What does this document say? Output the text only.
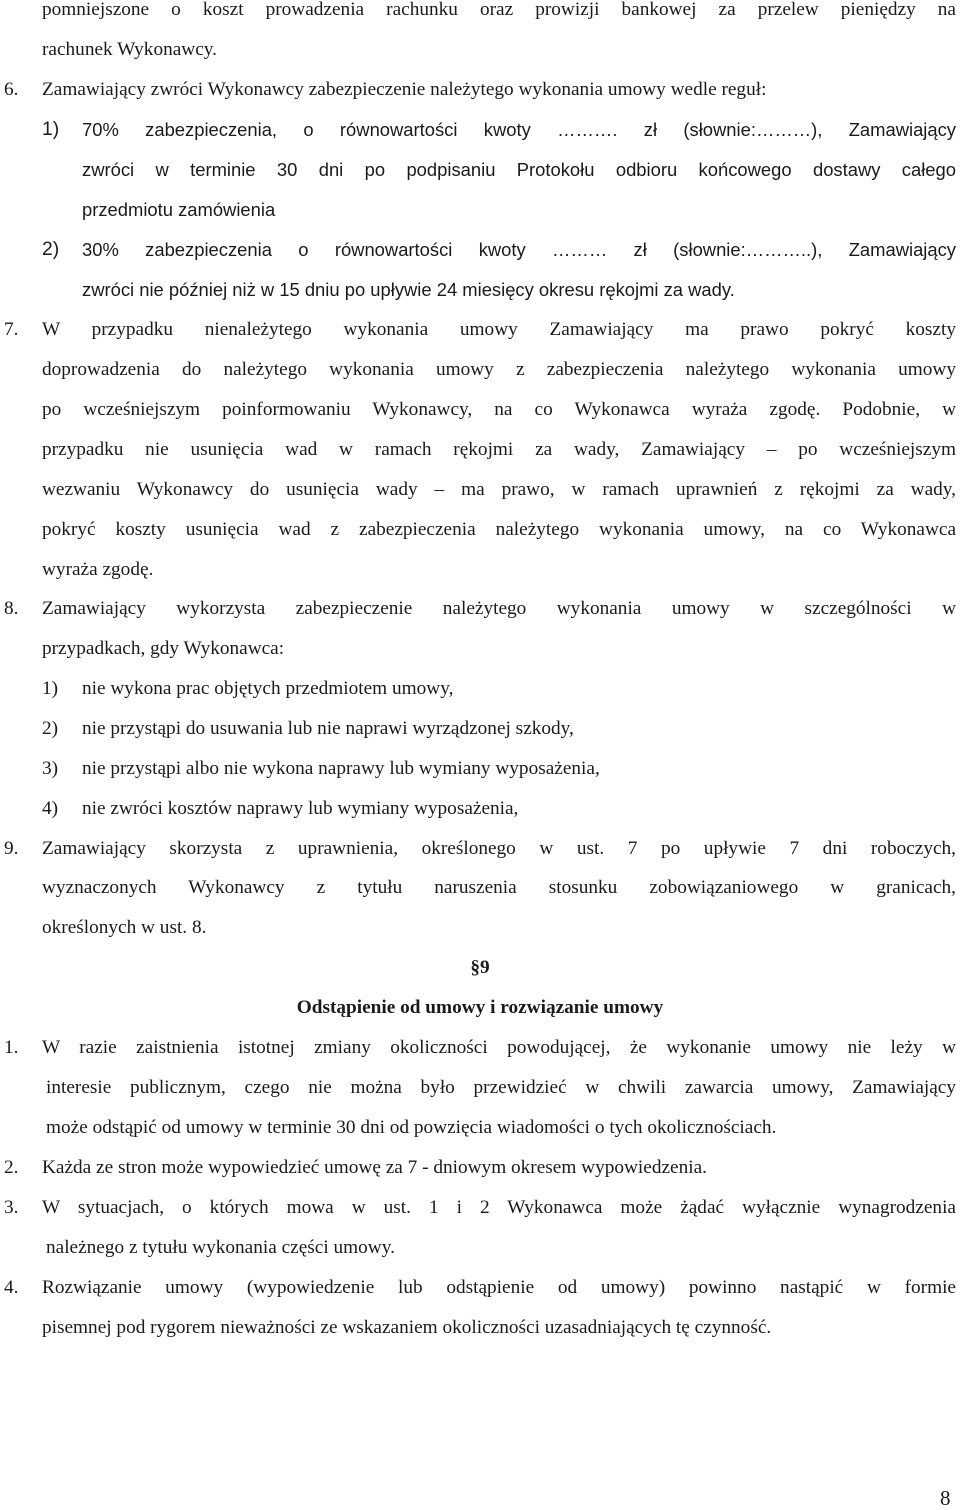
pomniejszone o koszt prowadzenia rachunku oraz prowizji bankowej za przelew pieniędzy na
rachunek Wykonawcy.
6. Zamawiający zwróci Wykonawcy zabezpieczenie należytego wykonania umowy wedle reguł:
1) 70% zabezpieczenia, o równowartości kwoty ………. zł (słownie:………), Zamawiający
zwróci w terminie 30 dni po podpisaniu Protokołu odbioru końcowego dostawy całego
przedmiotu zamówienia
2) 30% zabezpieczenia o równowartości kwoty ……… zł (słownie:………..), Zamawiający
zwróci nie później niż w 15 dniu po upływie 24 miesięcy okresu rękojmi za wady.
7. W przypadku nienależytego wykonania umowy Zamawiający ma prawo pokryć koszty
doprowadzenia do należytego wykonania umowy z zabezpieczenia należytego wykonania umowy
po wcześniejszym poinformowaniu Wykonawcy, na co Wykonawca wyraża zgodę. Podobnie, w
przypadku nie usunięcia wad w ramach rękojmi za wady, Zamawiający – po wcześniejszym
wezwaniu Wykonawcy do usunięcia wady – ma prawo, w ramach uprawnień z rękojmi za wady,
pokryć koszty usunięcia wad z zabezpieczenia należytego wykonania umowy, na co Wykonawca
wyraża zgodę.
8. Zamawiający wykorzysta zabezpieczenie należytego wykonania umowy w szczególności w
przypadkach, gdy Wykonawca:
1) nie wykona prac objętych przedmiotem umowy,
2) nie przystąpi do usuwania lub nie naprawi wyrządzonej szkody,
3) nie przystąpi albo nie wykona naprawy lub wymiany wyposażenia,
4) nie zwróci kosztów naprawy lub wymiany wyposażenia,
9. Zamawiający skorzysta z uprawnienia, określonego w ust. 7 po upływie 7 dni roboczych,
wyznaczonych Wykonawcy z tytułu naruszenia stosunku zobowiązaniowego w granicach,
określonych w ust. 8.
§9
Odstąpienie od umowy i rozwiązanie umowy
1. W razie zaistnienia istotnej zmiany okoliczności powodującej, że wykonanie umowy nie leży w
interesie publicznym, czego nie można było przewidzieć w chwili zawarcia umowy, Zamawiający
może odstąpić od umowy w terminie 30 dni od powzięcia wiadomości o tych okolicznościach.
2. Każda ze stron może wypowiedzieć umowę za 7 - dniowym okresem wypowiedzenia.
3. W sytuacjach, o których mowa w ust. 1 i 2 Wykonawca może żądać wyłącznie wynagrodzenia
należnego z tytułu wykonania części umowy.
4. Rozwiązanie umowy (wypowiedzenie lub odstąpienie od umowy) powinno nastąpić w formie
pisemnej pod rygorem nieważności ze wskazaniem okoliczności uzasadniających tę czynność.
8
